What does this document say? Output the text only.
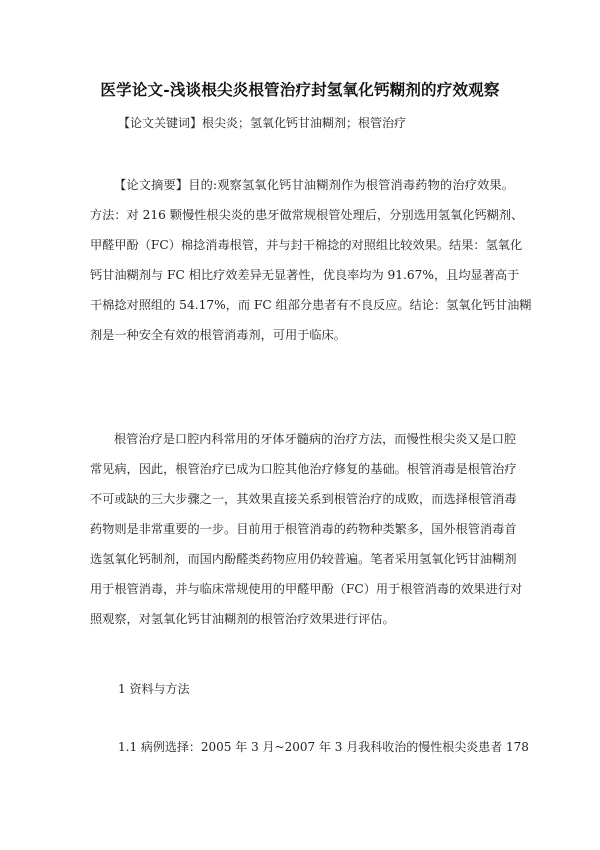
医学论文-浅谈根尖炎根管治疗封氢氧化钙糊剂的疗效观察
【论文关键词】根尖炎；氢氧化钙甘油糊剂；根管治疗
【论文摘要】目的:观察氢氧化钙甘油糊剂作为根管消毒药物的治疗效果。
方法：对 216 颗慢性根尖炎的患牙做常规根管处理后，分别选用氢氧化钙糊剂、
甲醛甲酚（FC）棉捻消毒根管，并与封干棉捻的对照组比较效果。结果：氢氧化
钙甘油糊剂与 FC 相比疗效差异无显著性，优良率均为 91.67%，且均显著高于
干棉捻对照组的 54.17%，而 FC 组部分患者有不良反应。结论：氢氧化钙甘油糊
剂是一种安全有效的根管消毒剂，可用于临床。
根管治疗是口腔内科常用的牙体牙髓病的治疗方法，而慢性根尖炎又是口腔
常见病，因此，根管治疗已成为口腔其他治疗修复的基础。根管消毒是根管治疗
不可或缺的三大步骤之一，其效果直接关系到根管治疗的成败，而选择根管消毒
药物则是非常重要的一步。目前用于根管消毒的药物种类繁多，国外根管消毒首
选氢氧化钙制剂，而国内酚醛类药物应用仍较普遍。笔者采用氢氧化钙甘油糊剂
用于根管消毒，并与临床常规使用的甲醛甲酚（FC）用于根管消毒的效果进行对
照观察，对氢氧化钙甘油糊剂的根管治疗效果进行评估。
1 资料与方法
1.1 病例选择：2005 年 3 月~2007 年 3 月我科收治的慢性根尖炎患者 178
